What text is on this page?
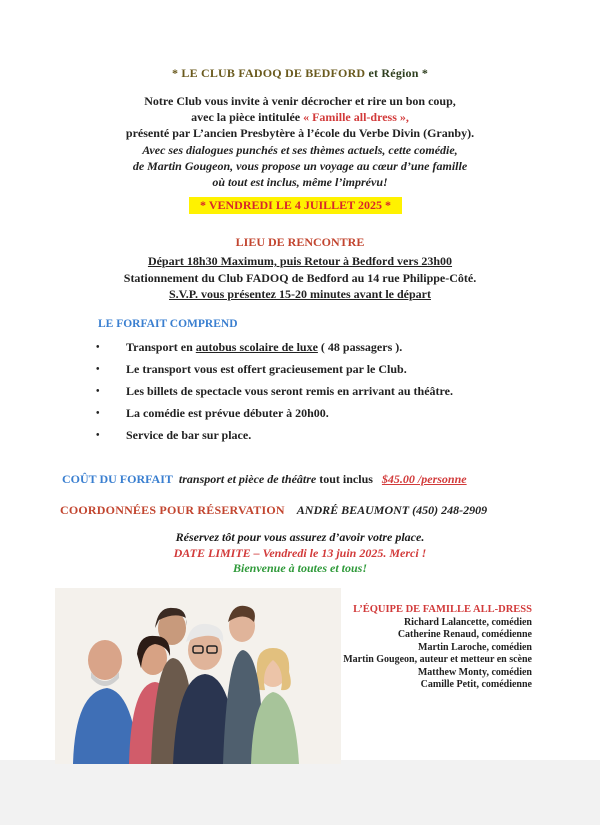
* LE CLUB FADOQ DE BEDFORD et Région *
Notre Club vous invite à venir décrocher et rire un bon coup,
avec la pièce intitulée « Famille all-dress »,
présenté par L’ancien Presbytère à l’école du Verbe Divin (Granby).
Avec ses dialogues punchés et ses thèmes actuels, cette comédie,
de Martin Gougeon, vous propose un voyage au cœur d’une famille
où tout est inclus, même l’imprévu!
* VENDREDI LE 4 JUILLET 2025 *
LIEU DE RENCONTRE
Départ 18h30 Maximum, puis Retour à Bedford vers 23h00
Stationnement du Club FADOQ de Bedford au 14 rue Philippe-Côté.
S.V.P. vous présentez 15-20 minutes avant le départ
LE FORFAIT COMPREND
•	Transport en autobus scolaire de luxe ( 48 passagers ).
•	Le transport vous est offert gracieusement par le Club.
•	Les billets de spectacle vous seront remis en arrivant au théâtre.
•	La comédie est prévue débuter à 20h00.
•	Service de bar sur place.
COÛT DU FORFAIT transport et pièce de théâtre tout inclus $45.00 /personne
COORDONNÉES POUR RÉSERVATION ANDRÉ BEAUMONT (450) 248-2909
Réservez tôt pour vous assurez d’avoir votre place.
DATE LIMITE – Vendredi le 13 juin 2025. Merci !
Bienvenue à toutes et tous!
L’ÉQUIPE DE FAMILLE ALL-DRESS
Richard Lalancette, comédien
Catherine Renaud, comédienne
Martin Laroche, comédien
Martin Gougeon, auteur et metteur en scène
Matthew Monty, comédien
Camille Petit, comédienne
